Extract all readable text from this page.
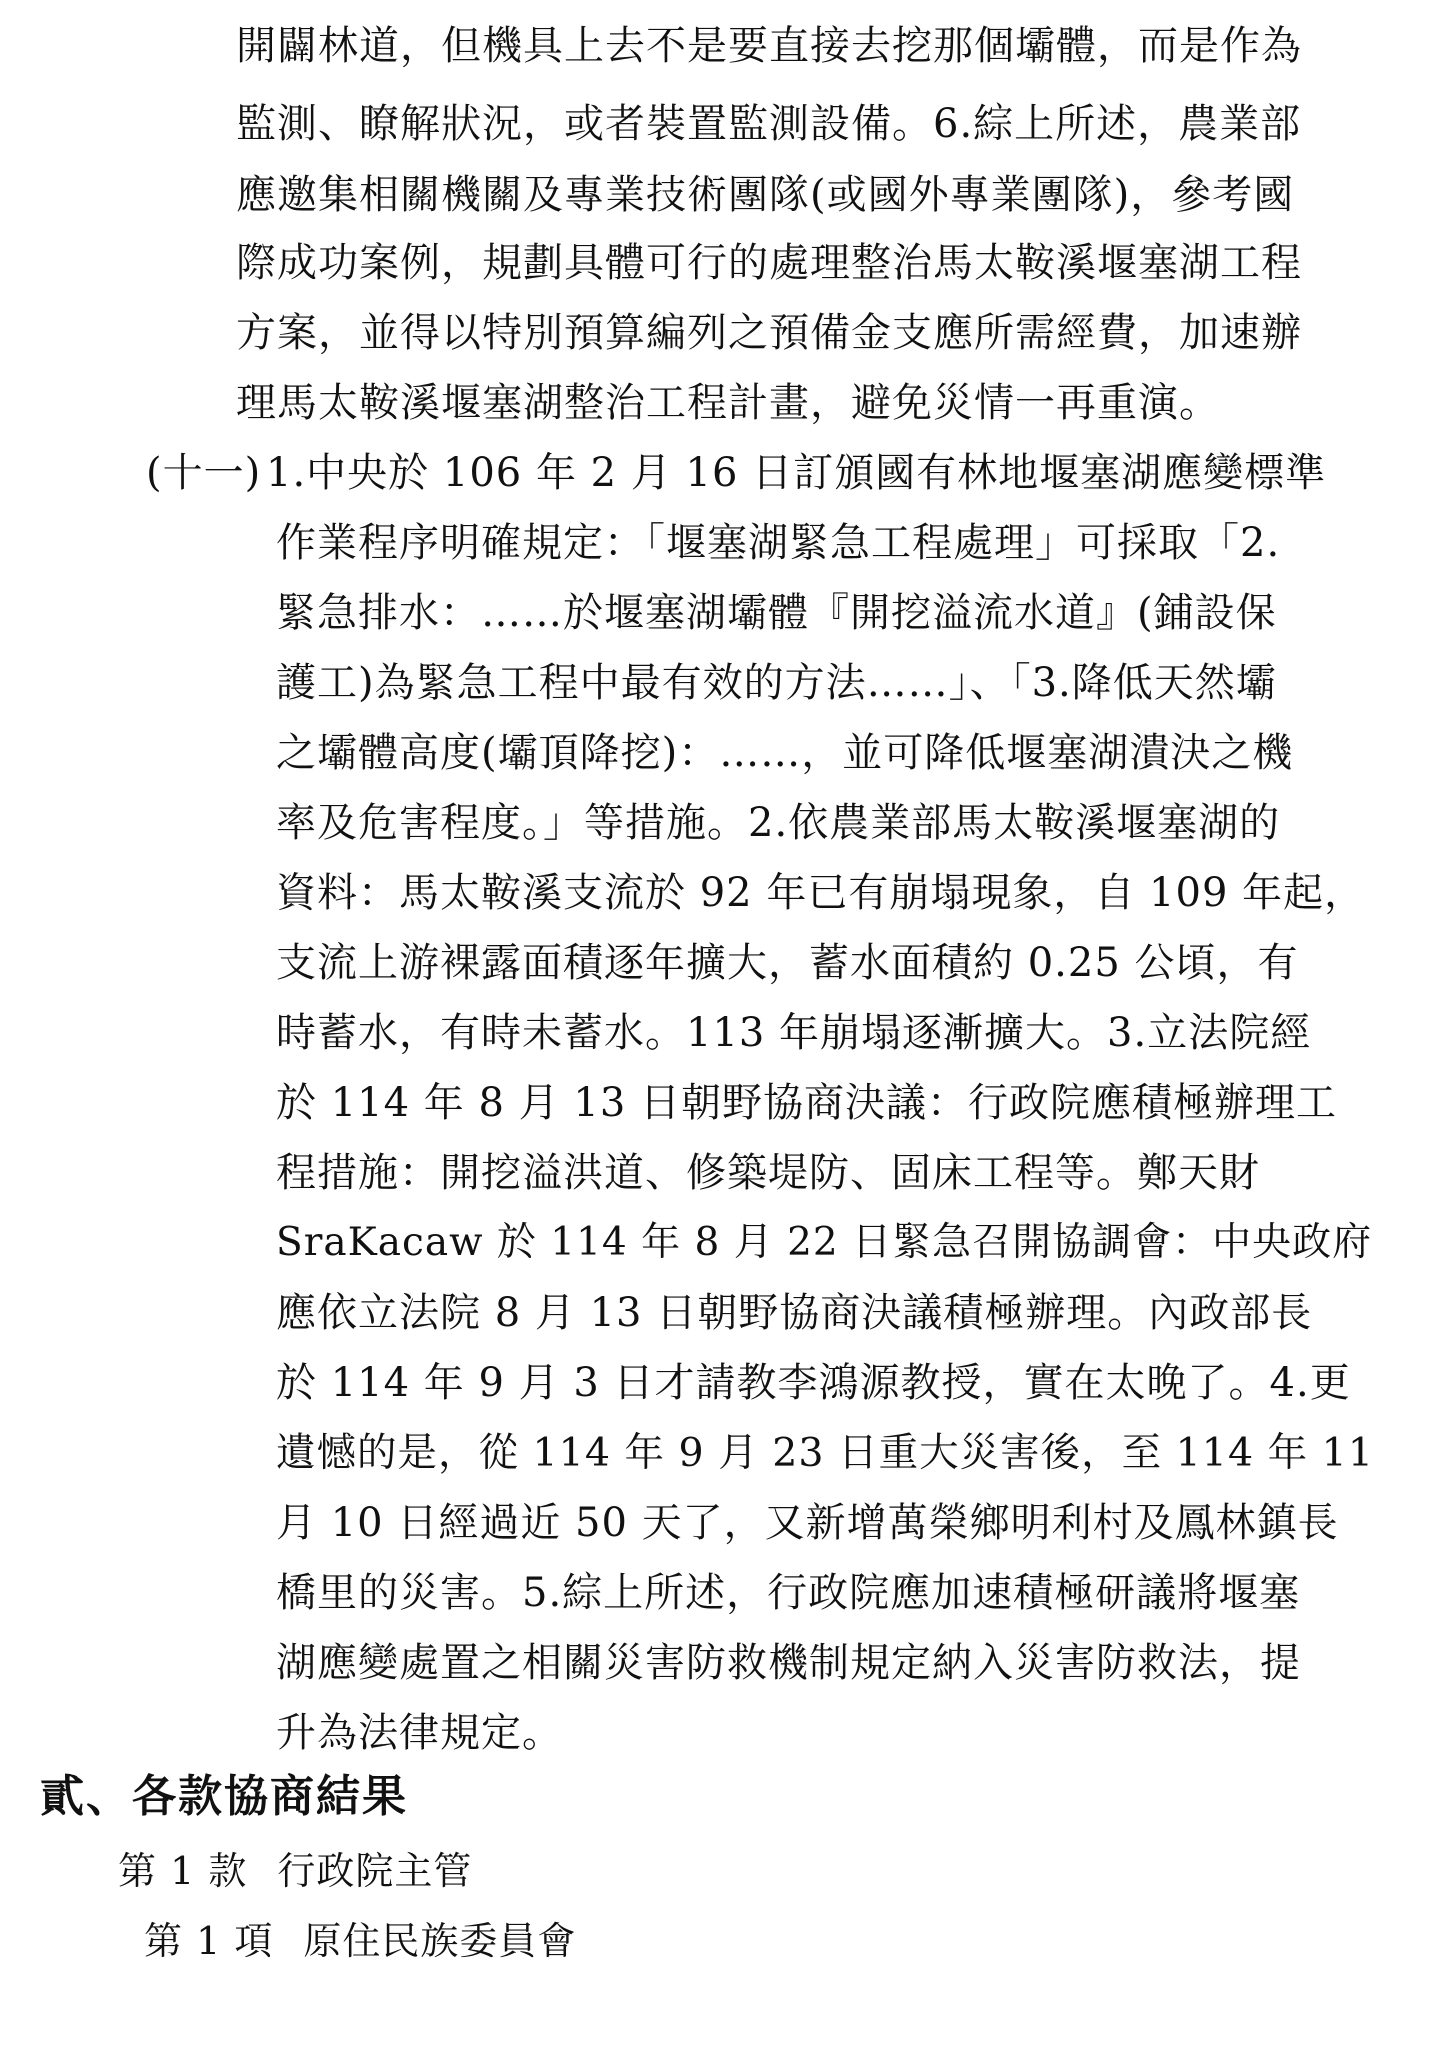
開闢林道，但機具上去不是要直接去挖那個壩體，而是作為
監測、瞭解狀況，或者裝置監測設備。6.綜上所述，農業部
應邀集相關機關及專業技術團隊(或國外專業團隊)，參考國
際成功案例，規劃具體可行的處理整治馬太鞍溪堰塞湖工程
方案，並得以特別預算編列之預備金支應所需經費，加速辦
理馬太鞍溪堰塞湖整治工程計畫，避免災情一再重演。
(十一) 1.中央於 106 年 2 月 16 日訂頒國有林地堰塞湖應變標準
作業程序明確規定：「堰塞湖緊急工程處理」可採取「2.
緊急排水：……於堰塞湖壩體『開挖溢流水道』(鋪設保
護工)為緊急工程中最有效的方法……」、「3.降低天然壩
之壩體高度(壩頂降挖)：……，並可降低堰塞湖潰決之機
率及危害程度。」等措施。2.依農業部馬太鞍溪堰塞湖的
資料：馬太鞍溪支流於 92 年已有崩塌現象，自 109 年起，
支流上游裸露面積逐年擴大，蓄水面積約 0.25 公頃，有
時蓄水，有時未蓄水。113 年崩塌逐漸擴大。3.立法院經
於 114 年 8 月 13 日朝野協商決議：行政院應積極辦理工
程措施：開挖溢洪道、修築堤防、固床工程等。鄭天財
SraKacaw 於 114 年 8 月 22 日緊急召開協調會：中央政府
應依立法院 8 月 13 日朝野協商決議積極辦理。內政部長
於 114 年 9 月 3 日才請教李鴻源教授，實在太晚了。4.更
遺憾的是，從 114 年 9 月 23 日重大災害後，至 114 年 11
月 10 日經過近 50 天了，又新增萬榮鄉明利村及鳳林鎮長
橋里的災害。5.綜上所述，行政院應加速積極研議將堰塞
湖應變處置之相關災害防救機制規定納入災害防救法，提
升為法律規定。
貳、各款協商結果
第 1 款 行政院主管
第 1 項 原住民族委員會
